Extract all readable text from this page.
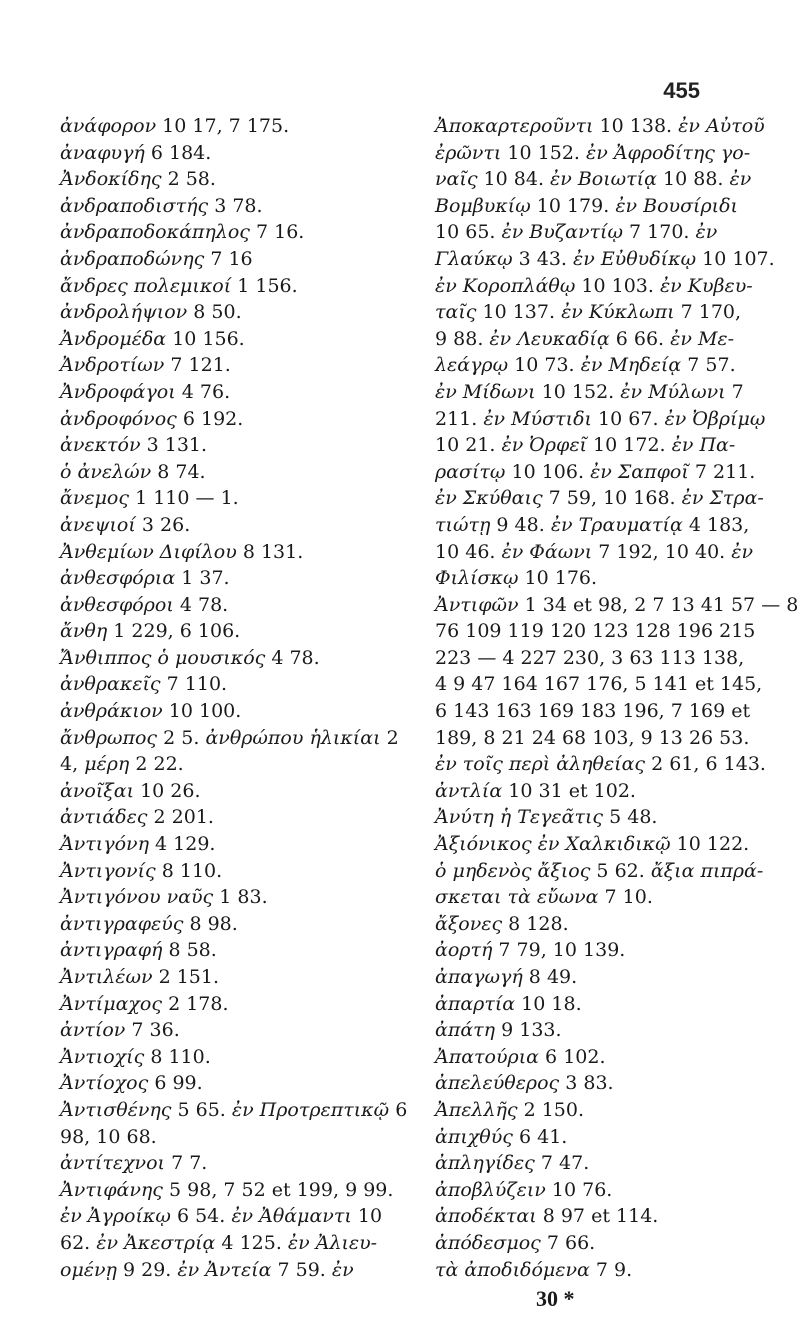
455
ἀνάφορον 10 17, 7 175.
ἀναφυγή 6 184.
Ἀνδοκίδης 2 58.
ἀνδραποδιστής 3 78.
ἀνδραποδοκάπηλος 7 16.
ἀνδραποδώνης 7 16
ἄνδρες πολεμικοί 1 156.
ἀνδρολήψιον 8 50.
Ἀνδρομέδα 10 156.
Ἀνδροτίων 7 121.
Ἀνδροφάγοι 4 76.
ἀνδροφόνος 6 192.
ἀνεκτόν 3 131.
ὁ ἀνελών 8 74.
ἄνεμος 1 110 — 1.
ἀνεψιοί 3 26.
Ἀνθεμίων Διφίλου 8 131.
ἀνθεσφόρια 1 37.
ἀνθεσφόροι 4 78.
ἄνθη 1 229, 6 106.
Ἄνθιππος ὁ μουσικός 4 78.
ἀνθρακεῖς 7 110.
ἀνθράκιον 10 100.
ἄνθρωπος 2 5. ἀνθρώπου ἡλικίαι 2
4, μέρη 2 22.
ἀνοῖξαι 10 26.
ἀντιάδες 2 201.
Ἀντιγόνη 4 129.
Ἀντιγονίς 8 110.
Ἀντιγόνου ναῦς 1 83.
ἀντιγραφεύς 8 98.
ἀντιγραφή 8 58.
Ἀντιλέων 2 151.
Ἀντίμαχος 2 178.
ἀντίον 7 36.
Ἀντιοχίς 8 110.
Ἀντίοχος 6 99.
Ἀντισθένης 5 65. ἐν Προτρεπτικῷ 6
98, 10 68.
ἀντίτεχνοι 7 7.
Ἀντιφάνης 5 98, 7 52 et 199, 9 99.
ἐν Ἀγροίκῳ 6 54. ἐν Ἀθάμαντι 10
62. ἐν Ἀκεστρίᾳ 4 125. ἐν Ἀλιευ-
ομένῃ 9 29. ἐν Ἀντεία 7 59. ἐν
Ἀποκαρτεροῦντι 10 138. ἐν Αὐτοῦ
ἐρῶντι 10 152. ἐν Ἀφροδίτης γο-
ναῖς 10 84. ἐν Βοιωτίᾳ 10 88. ἐν
Βομβυκίῳ 10 179. ἐν Βουσίριδι
10 65. ἐν Βυζαντίῳ 7 170. ἐν
Γλαύκῳ 3 43. ἐν Εὐθυδίκῳ 10 107.
ἐν Κοροπλάθῳ 10 103. ἐν Κυβευ-
ταῖς 10 137. ἐν Κύκλωπι 7 170,
9 88. ἐν Λευκαδίᾳ 6 66. ἐν Με-
λεάγρῳ 10 73. ἐν Μηδείᾳ 7 57.
ἐν Μίδωνι 10 152. ἐν Μύλωνι 7
211. ἐν Μύστιδι 10 67. ἐν Ὀβρίμῳ
10 21. ἐν Ὀρφεῖ 10 172. ἐν Πα-
ρασίτῳ 10 106. ἐν Σαπφοῖ 7 211.
ἐν Σκύθαις 7 59, 10 168. ἐν Στρα-
τιώτῃ 9 48. ἐν Τραυματίᾳ 4 183,
10 46. ἐν Φάωνι 7 192, 10 40. ἐν
Φιλίσκῳ 10 176.
Ἀντιφῶν 1 34 et 98, 2 7 13 41 57 — 8
76 109 119 120 123 128 196 215
223 — 4 227 230, 3 63 113 138,
4 9 47 164 167 176, 5 141 et 145,
6 143 163 169 183 196, 7 169 et
189, 8 21 24 68 103, 9 13 26 53.
ἐν τοῖς περὶ ἀληθείας 2 61, 6 143.
ἀντλία 10 31 et 102.
Ἀνύτη ἡ Τεγεᾶτις 5 48.
Ἀξιόνικος ἐν Χαλκιδικῷ 10 122.
ὁ μηδενὸς ἄξιος 5 62. ἄξια πιπρά-
σκεται τὰ εὔωνα 7 10.
ἄξονες 8 128.
ἀορτή 7 79, 10 139.
ἀπαγωγή 8 49.
ἀπαρτία 10 18.
ἀπάτη 9 133.
Ἀπατούρια 6 102.
ἀπελεύθερος 3 83.
Ἀπελλῆς 2 150.
ἀπιχθύς 6 41.
ἀπληγίδες 7 47.
ἀποβλύζειν 10 76.
ἀποδέκται 8 97 et 114.
ἀπόδεσμος 7 66.
τὰ ἀποδιδόμενα 7 9.
30 *
